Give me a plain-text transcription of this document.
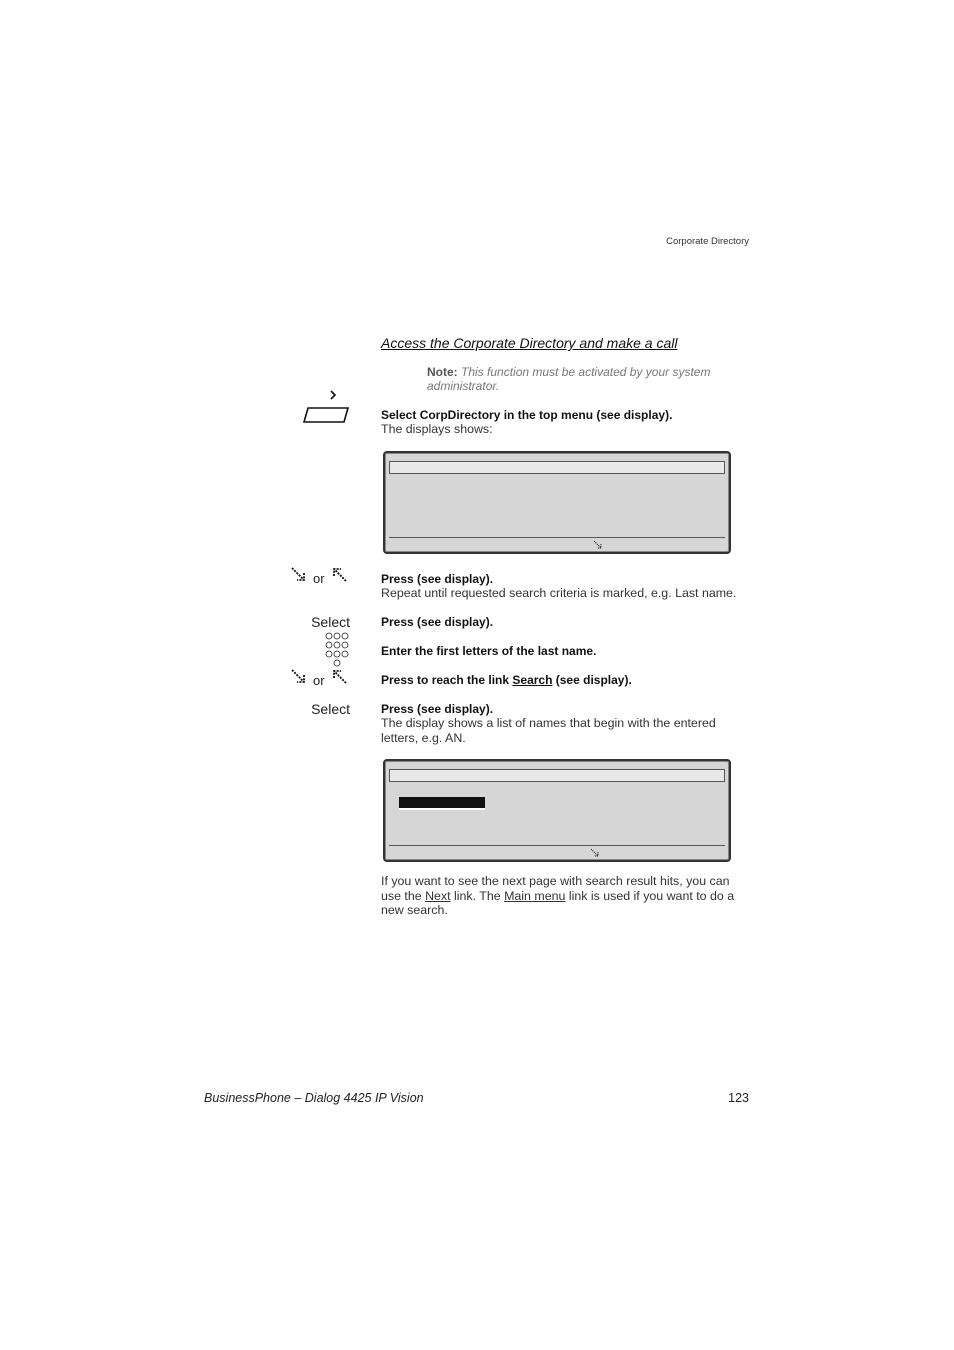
Corporate Directory
Access the Corporate Directory and make a call
Note: This function must be activated by your system administrator.
Select CorpDirectory in the top menu (see display).
The displays shows:
or	Press (see display).
Repeat until requested search criteria is marked, e.g. Last name.
Select	Press (see display).
Enter the first letters of the last name.
or	Press to reach the link Search (see display).
Select	Press (see display).
The display shows a list of names that begin with the entered letters, e.g. AN.
If you want to see the next page with search result hits, you can use the Next link. The Main menu link is used if you want to do a new search.
BusinessPhone – Dialog 4425 IP Vision	123
